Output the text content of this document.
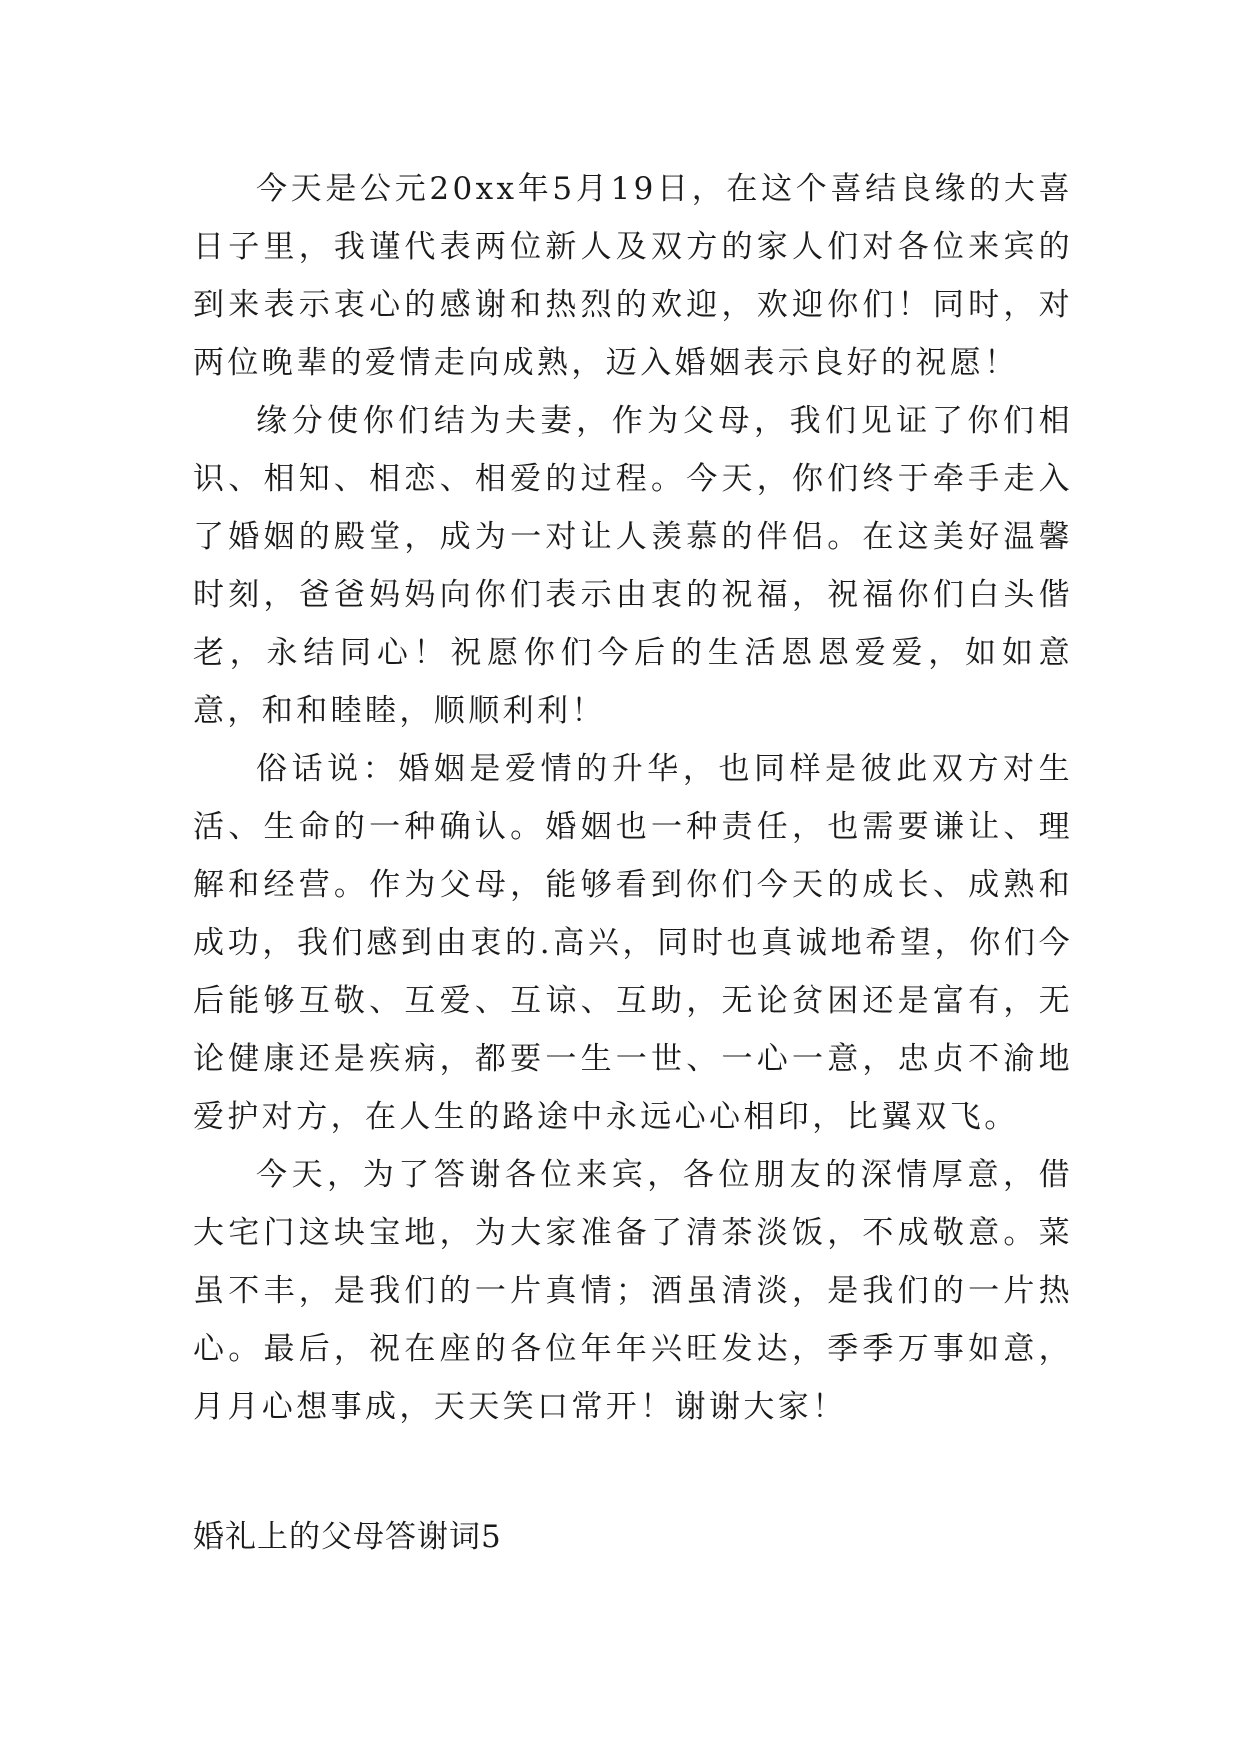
今天是公元20xx年5月19日，在这个喜结良缘的大喜日子里，我谨代表两位新人及双方的家人们对各位来宾的到来表示衷心的感谢和热烈的欢迎，欢迎你们！同时，对两位晚辈的爱情走向成熟，迈入婚姻表示良好的祝愿！

缘分使你们结为夫妻，作为父母，我们见证了你们相识、相知、相恋、相爱的过程。今天，你们终于牵手走入了婚姻的殿堂，成为一对让人羡慕的伴侣。在这美好温馨时刻，爸爸妈妈向你们表示由衷的祝福，祝福你们白头偕老，永结同心！祝愿你们今后的生活恩恩爱爱，如如意意，和和睦睦，顺顺利利！

俗话说：婚姻是爱情的升华，也同样是彼此双方对生活、生命的一种确认。婚姻也一种责任，也需要谦让、理解和经营。作为父母，能够看到你们今天的成长、成熟和成功，我们感到由衷的.高兴，同时也真诚地希望，你们今后能够互敬、互爱、互谅、互助，无论贫困还是富有，无论健康还是疾病，都要一生一世、一心一意，忠贞不渝地爱护对方，在人生的路途中永远心心相印，比翼双飞。

今天，为了答谢各位来宾，各位朋友的深情厚意，借大宅门这块宝地，为大家准备了清茶淡饭，不成敬意。菜虽不丰，是我们的一片真情；酒虽清淡，是我们的一片热心。最后，祝在座的各位年年兴旺发达，季季万事如意，月月心想事成，天天笑口常开！谢谢大家！

婚礼上的父母答谢词5
